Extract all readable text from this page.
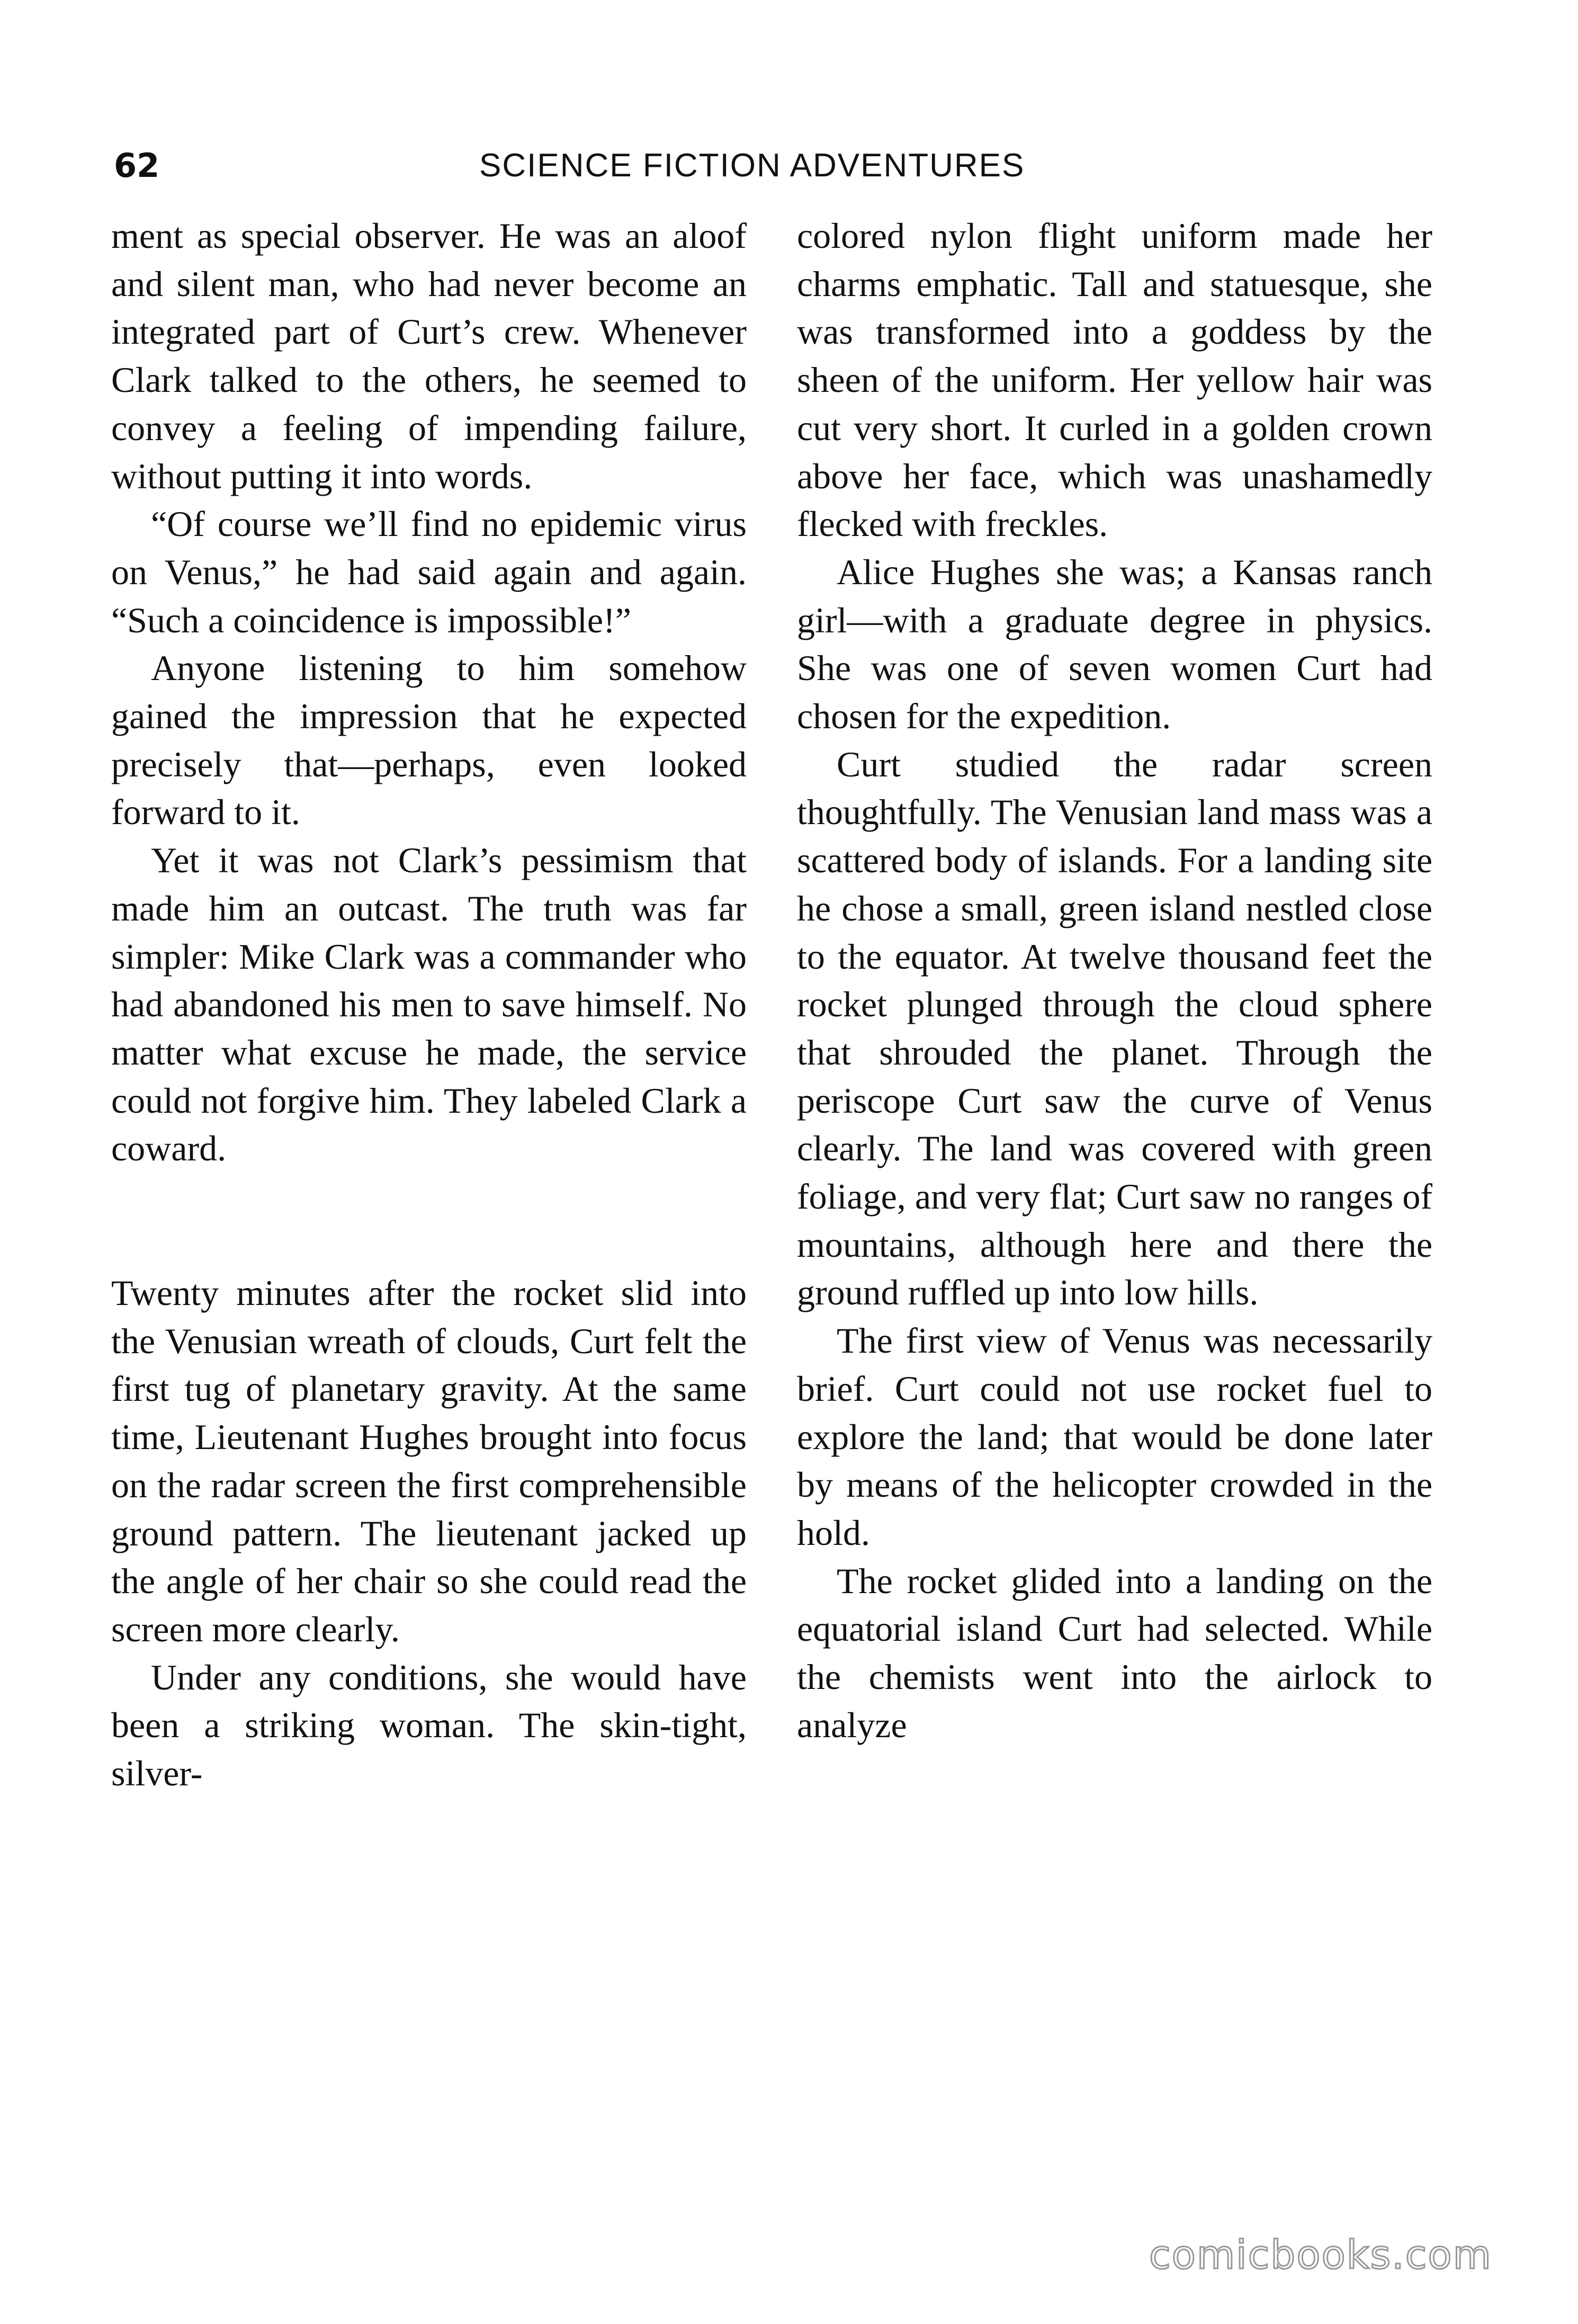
62	SCIENCE FICTION ADVENTURES

ment as special observer. He was an aloof and silent man, who had never become an integrated part of Curt’s crew. Whenever Clark talked to the others, he seemed to convey a feeling of impending failure, without putting it into words.

“Of course we’ll find no epidemic virus on Venus,” he had said again and again. “Such a coincidence is impossible!”

Anyone listening to him somehow gained the impression that he expected precisely that—perhaps, even looked forward to it.

Yet it was not Clark’s pessimism that made him an outcast. The truth was far simpler: Mike Clark was a commander who had abandoned his men to save himself. No matter what excuse he made, the service could not forgive him. They labeled Clark a coward.

Twenty minutes after the rocket slid into the Venusian wreath of clouds, Curt felt the first tug of planetary gravity. At the same time, Lieutenant Hughes brought into focus on the radar screen the first comprehensible ground pattern. The lieutenant jacked up the angle of her chair so she could read the screen more clearly.

Under any conditions, she would have been a striking woman. The skin-tight, silver-

colored nylon flight uniform made her charms emphatic. Tall and statuesque, she was transformed into a goddess by the sheen of the uniform. Her yellow hair was cut very short. It curled in a golden crown above her face, which was unashamedly flecked with freckles.

Alice Hughes she was; a Kansas ranch girl—with a graduate degree in physics. She was one of seven women Curt had chosen for the expedition.

Curt studied the radar screen thoughtfully. The Venusian land mass was a scattered body of islands. For a landing site he chose a small, green island nestled close to the equator. At twelve thousand feet the rocket plunged through the cloud sphere that shrouded the planet. Through the periscope Curt saw the curve of Venus clearly. The land was covered with green foliage, and very flat; Curt saw no ranges of mountains, although here and there the ground ruffled up into low hills.

The first view of Venus was necessarily brief. Curt could not use rocket fuel to explore the land; that would be done later by means of the helicopter crowded in the hold.

The rocket glided into a landing on the equatorial island Curt had selected. While the chemists went into the airlock to analyze

comicbooks.com
